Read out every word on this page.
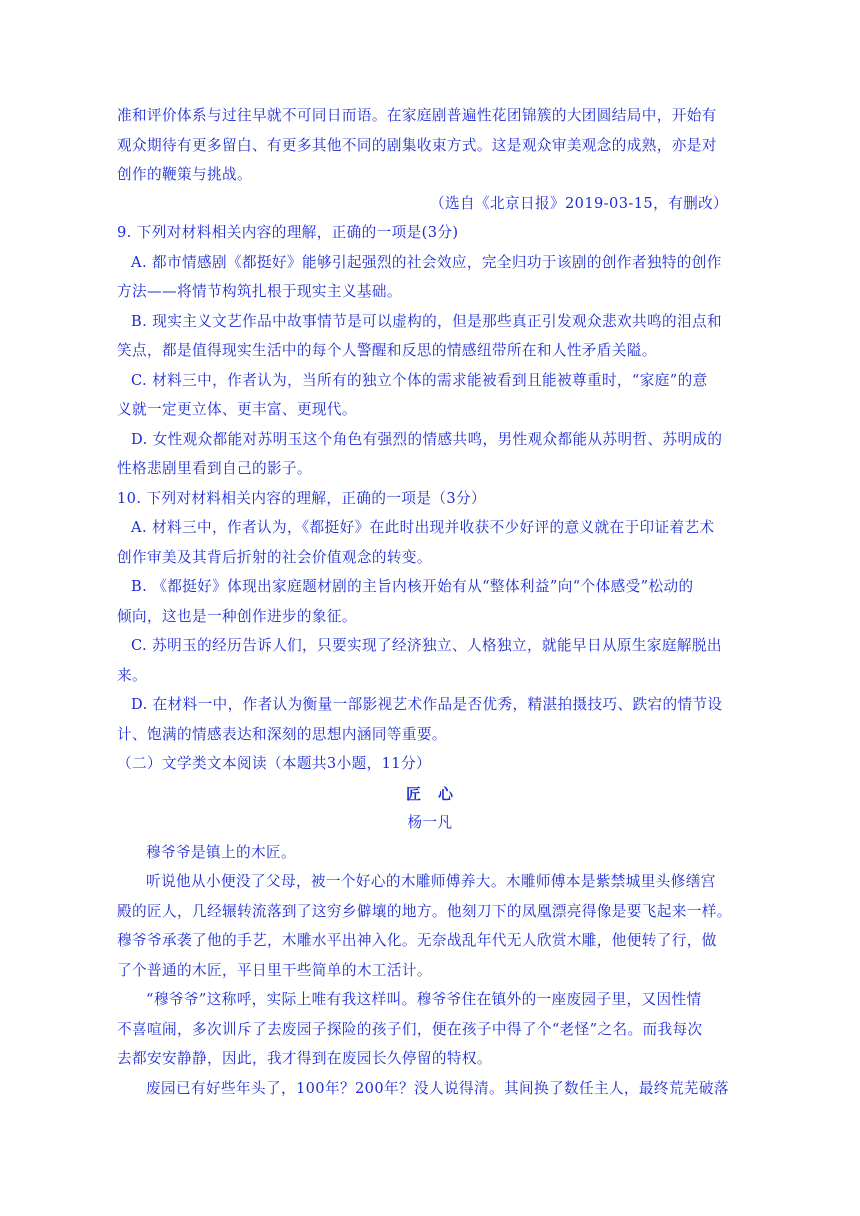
准和评价体系与过往早就不可同日而语。在家庭剧普遍性花团锦簇的大团圆结局中，开始有
观众期待有更多留白、有更多其他不同的剧集收束方式。这是观众审美观念的成熟，亦是对
创作的鞭策与挑战。
（选自《北京日报》2019-03-15，有删改）
9. 下列对材料相关内容的理解，正确的一项是(3分)
A. 都市情感剧《都挺好》能够引起强烈的社会效应，完全归功于该剧的创作者独特的创作
方法——将情节构筑扎根于现实主义基础。
B. 现实主义文艺作品中故事情节是可以虚构的，但是那些真正引发观众悲欢共鸣的泪点和
笑点，都是值得现实生活中的每个人警醒和反思的情感纽带所在和人性矛盾关隘。
C. 材料三中，作者认为，当所有的独立个体的需求能被看到且能被尊重时，“家庭”的意
义就一定更立体、更丰富、更现代。
D. 女性观众都能对苏明玉这个角色有强烈的情感共鸣，男性观众都能从苏明哲、苏明成的
性格悲剧里看到自己的影子。
10. 下列对材料相关内容的理解，正确的一项是（3分）
A. 材料三中，作者认为，《都挺好》在此时出现并收获不少好评的意义就在于印证着艺术
创作审美及其背后折射的社会价值观念的转变。
B. 《都挺好》体现出家庭题材剧的主旨内核开始有从“整体利益”向“个体感受”松动的
倾向，这也是一种创作进步的象征。
C. 苏明玉的经历告诉人们，只要实现了经济独立、人格独立，就能早日从原生家庭解脱出
来。
D. 在材料一中，作者认为衡量一部影视艺术作品是否优秀，精湛拍摄技巧、跌宕的情节设
计、饱满的情感表达和深刻的思想内涵同等重要。
（二）文学类文本阅读（本题共3小题，11分）
匠　心
杨一凡
穆爷爷是镇上的木匠。
听说他从小便没了父母，被一个好心的木雕师傅养大。木雕师傅本是紫禁城里头修缮宫
殿的匠人，几经辗转流落到了这穷乡僻壤的地方。他刻刀下的凤凰漂亮得像是要飞起来一样。
穆爷爷承袭了他的手艺，木雕水平出神入化。无奈战乱年代无人欣赏木雕，他便转了行，做
了个普通的木匠，平日里干些简单的木工活计。
“穆爷爷”这称呼，实际上唯有我这样叫。穆爷爷住在镇外的一座废园子里，又因性情
不喜喧闹，多次训斥了去废园子探险的孩子们，便在孩子中得了个“老怪”之名。而我每次
去都安安静静，因此，我才得到在废园长久停留的特权。
废园已有好些年头了，100年？200年？没人说得清。其间换了数任主人，最终荒芜破落
